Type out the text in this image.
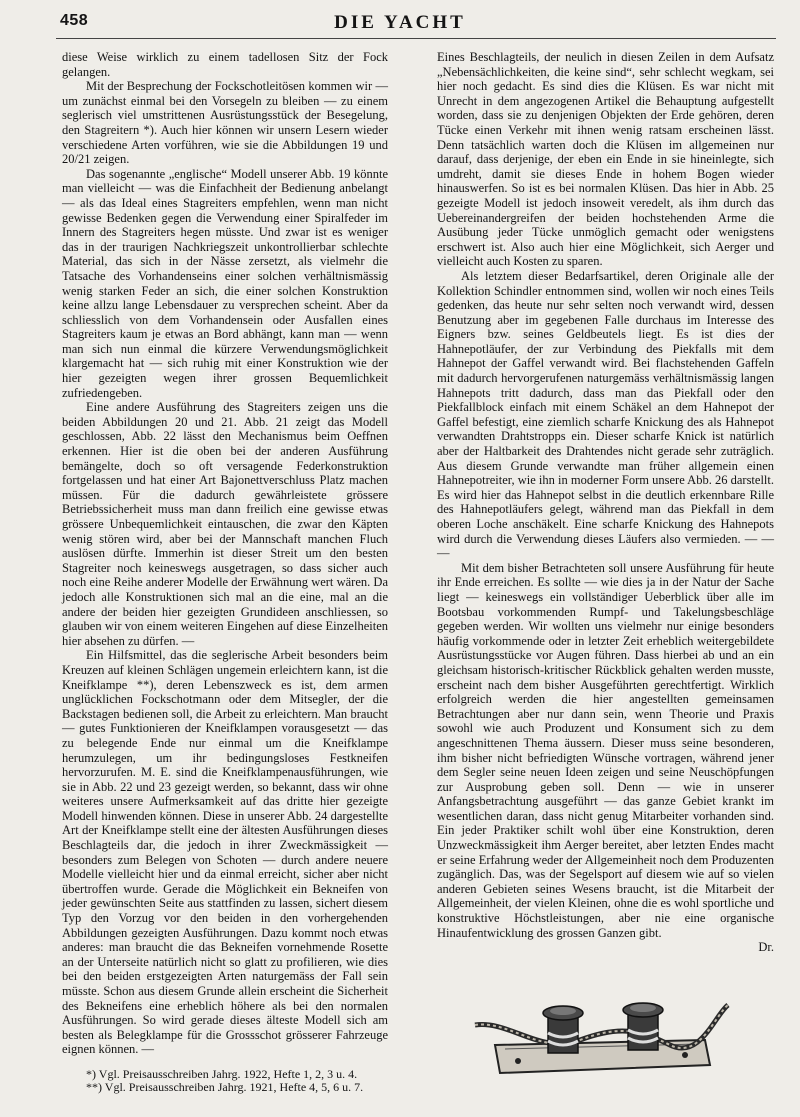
458	DIE YACHT

diese Weise wirklich zu einem tadellosen Sitz der Fock gelangen.

Mit der Besprechung der Fockschotleitösen kommen wir — um zunächst einmal bei den Vorsegeln zu bleiben — zu einem seglerisch viel umstrittenen Ausrüstungsstück der Besegelung, den Stagreitern *). Auch hier können wir unsern Lesern wieder verschiedene Arten vorführen, wie sie die Abbildungen 19 und 20/21 zeigen.

Das sogenannte „englische“ Modell unserer Abb. 19 könnte man vielleicht — was die Einfachheit der Bedienung anbelangt — als das Ideal eines Stagreiters empfehlen, wenn man nicht gewisse Bedenken gegen die Verwendung einer Spiralfeder im Innern des Stagreiters hegen müsste. Und zwar ist es weniger das in der traurigen Nachkriegszeit unkontrollierbar schlechte Material, das sich in der Nässe zersetzt, als vielmehr die Tatsache des Vorhandenseins einer solchen verhältnismässig wenig starken Feder an sich, die einer solchen Konstruktion keine allzu lange Lebensdauer zu versprechen scheint. Aber da schliesslich von dem Vorhandensein oder Ausfallen eines Stagreiters kaum je etwas an Bord abhängt, kann man — wenn man sich nun einmal die kürzere Verwendungsmöglichkeit klargemacht hat — sich ruhig mit einer Konstruktion wie der hier gezeigten wegen ihrer grossen Bequemlichkeit zufriedengeben.

Eine andere Ausführung des Stagreiters zeigen uns die beiden Abbildungen 20 und 21. Abb. 21 zeigt das Modell geschlossen, Abb. 22 lässt den Mechanismus beim Oeffnen erkennen. Hier ist die oben bei der anderen Ausführung bemängelte, doch so oft versagende Federkonstruktion fortgelassen und hat einer Art Bajonettverschluss Platz machen müssen. Für die dadurch gewährleistete grössere Betriebssicherheit muss man dann freilich eine gewisse etwas grössere Unbequemlichkeit eintauschen, die zwar den Käpten wenig stören wird, aber bei der Mannschaft manchen Fluch auslösen dürfte. Immerhin ist dieser Streit um den besten Stagreiter noch keineswegs ausgetragen, so dass sicher auch noch eine Reihe anderer Modelle der Erwähnung wert wären. Da jedoch alle Konstruktionen sich mal an die eine, mal an die andere der beiden hier gezeigten Grundideen anschliessen, so glauben wir von einem weiteren Eingehen auf diese Einzelheiten hier absehen zu dürfen. —

Ein Hilfsmittel, das die seglerische Arbeit besonders beim Kreuzen auf kleinen Schlägen ungemein erleichtern kann, ist die Kneifklampe **), deren Lebenszweck es ist, dem armen unglücklichen Fockschotmann oder dem Mitsegler, der die Backstagen bedienen soll, die Arbeit zu erleichtern. Man braucht — gutes Funktionieren der Kneifklampen vorausgesetzt — das zu belegende Ende nur einmal um die Kneifklampe herumzulegen, um ihr bedingungsloses Festkneifen hervorzurufen. M. E. sind die Kneifklampenausführungen, wie sie in Abb. 22 und 23 gezeigt werden, so bekannt, dass wir ohne weiteres unsere Aufmerksamkeit auf das dritte hier gezeigte Modell hinwenden können. Diese in unserer Abb. 24 dargestellte Art der Kneifklampe stellt eine der ältesten Ausführungen dieses Beschlagteils dar, die jedoch in ihrer Zweckmässigkeit — besonders zum Belegen von Schoten — durch andere neuere Modelle vielleicht hier und da einmal erreicht, sicher aber nicht übertroffen wurde. Gerade die Möglichkeit ein Bekneifen von jeder gewünschten Seite aus stattfinden zu lassen, sichert diesem Typ den Vorzug vor den beiden in den vorhergehenden Abbildungen gezeigten Ausführungen. Dazu kommt noch etwas anderes: man braucht die das Bekneifen vornehmende Rosette an der Unterseite natürlich nicht so glatt zu profilieren, wie dies bei den beiden erstgezeigten Arten naturgemäss der Fall sein müsste. Schon aus diesem Grunde allein erscheint die Sicherheit des Bekneifens eine erheblich höhere als bei den normalen Ausführungen. So wird gerade dieses älteste Modell sich am besten als Belegklampe für die Grossschot grösserer Fahrzeuge eignen können. —

*) Vgl. Preisausschreiben Jahrg. 1922, Hefte 1, 2, 3 u. 4.
**) Vgl. Preisausschreiben Jahrg. 1921, Hefte 4, 5, 6 u. 7.

Eines Beschlagteils, der neulich in diesen Zeilen in dem Aufsatz „Nebensächlichkeiten, die keine sind“, sehr schlecht wegkam, sei hier noch gedacht. Es sind dies die Klüsen. Es war nicht mit Unrecht in dem angezogenen Artikel die Behauptung aufgestellt worden, dass sie zu denjenigen Objekten der Erde gehören, deren Tücke einen Verkehr mit ihnen wenig ratsam erscheinen lässt. Denn tatsächlich warten doch die Klüsen im allgemeinen nur darauf, dass derjenige, der eben ein Ende in sie hineinlegte, sich umdreht, damit sie dieses Ende in hohem Bogen wieder hinauswerfen. So ist es bei normalen Klüsen. Das hier in Abb. 25 gezeigte Modell ist jedoch insoweit veredelt, als ihm durch das Uebereinandergreifen der beiden hochstehenden Arme die Ausübung jeder Tücke unmöglich gemacht oder wenigstens erschwert ist. Also auch hier eine Möglichkeit, sich Aerger und vielleicht auch Kosten zu sparen.

Als letztem dieser Bedarfsartikel, deren Originale alle der Kollektion Schindler entnommen sind, wollen wir noch eines Teils gedenken, das heute nur sehr selten noch verwandt wird, dessen Benutzung aber im gegebenen Falle durchaus im Interesse des Eigners bzw. seines Geldbeutels liegt. Es ist dies der Hahnepotläufer, der zur Verbindung des Piekfalls mit dem Hahnepot der Gaffel verwandt wird. Bei flachstehenden Gaffeln mit dadurch hervorgerufenen naturgemäss verhältnismässig langen Hahnepots tritt dadurch, dass man das Piekfall oder den Piekfallblock einfach mit einem Schäkel an dem Hahnepot der Gaffel befestigt, eine ziemlich scharfe Knickung des als Hahnepot verwandten Drahtstropps ein. Dieser scharfe Knick ist natürlich aber der Haltbarkeit des Drahtendes nicht gerade sehr zuträglich. Aus diesem Grunde verwandte man früher allgemein einen Hahnepotreiter, wie ihn in moderner Form unsere Abb. 26 darstellt. Es wird hier das Hahnepot selbst in die deutlich erkennbare Rille des Hahnepotläufers gelegt, während man das Piekfall in dem oberen Loche anschäkelt. Eine scharfe Knickung des Hahnepots wird durch die Verwendung dieses Läufers also vermieden. — — —

Mit dem bisher Betrachteten soll unsere Ausführung für heute ihr Ende erreichen. Es sollte — wie dies ja in der Natur der Sache liegt — keineswegs ein vollständiger Ueberblick über alle im Bootsbau vorkommenden Rumpf- und Takelungsbeschläge gegeben werden. Wir wollten uns vielmehr nur einige besonders häufig vorkommende oder in letzter Zeit erheblich weitergebildete Ausrüstungsstücke vor Augen führen. Dass hierbei ab und an ein gleichsam historisch-kritischer Rückblick gehalten werden musste, erscheint nach dem bisher Ausgeführten gerechtfertigt. Wirklich erfolgreich werden die hier angestellten gemeinsamen Betrachtungen aber nur dann sein, wenn Theorie und Praxis sowohl wie auch Produzent und Konsument sich zu dem angeschnittenen Thema äussern. Dieser muss seine besonderen, ihm bisher nicht befriedigten Wünsche vortragen, während jener dem Segler seine neuen Ideen zeigen und seine Neuschöpfungen zur Ausprobung geben soll. Denn — wie in unserer Anfangsbetrachtung ausgeführt — das ganze Gebiet krankt im wesentlichen daran, dass nicht genug Mitarbeiter vorhanden sind. Ein jeder Praktiker schilt wohl über eine Konstruktion, deren Unzweckmässigkeit ihm Aerger bereitet, aber letzten Endes macht er seine Erfahrung weder der Allgemeinheit noch dem Produzenten zugänglich. Das, was der Segelsport auf diesem wie auf so vielen anderen Gebieten seines Wesens braucht, ist die Mitarbeit der Allgemeinheit, der vielen Kleinen, ohne die es wohl sportliche und konstruktive Höchstleistungen, aber nie eine organische Hinaufentwicklung des grossen Ganzen gibt.

Dr.
